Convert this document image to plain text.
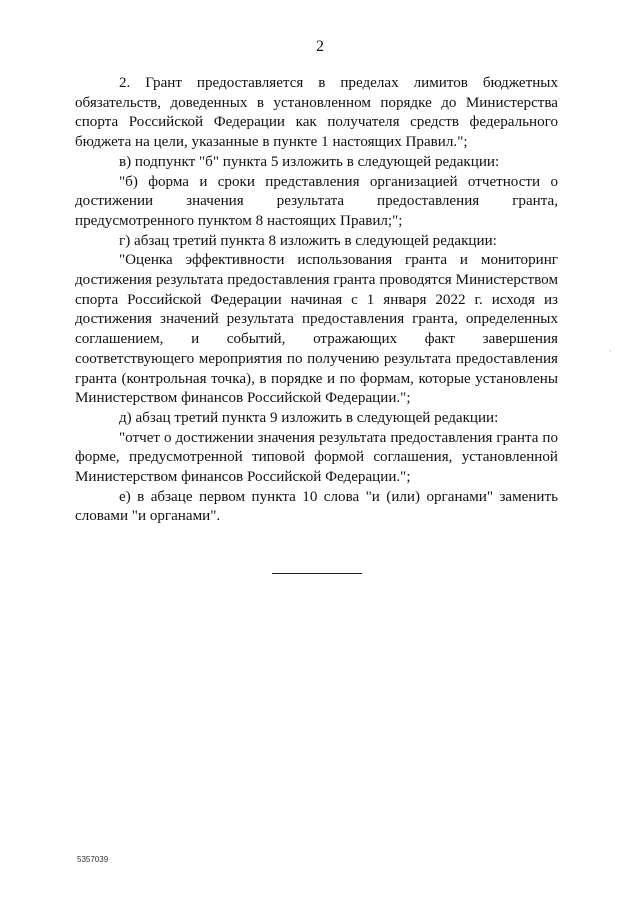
2

2. Грант предоставляется в пределах лимитов бюджетных обязательств, доведенных в установленном порядке до Министерства спорта Российской Федерации как получателя средств федерального бюджета на цели, указанные в пункте 1 настоящих Правил.";

в) подпункт "б" пункта 5 изложить в следующей редакции:

"б) форма и сроки представления организацией отчетности о достижении значения результата предоставления гранта, предусмотренного пунктом 8 настоящих Правил;";

г) абзац третий пункта 8 изложить в следующей редакции:

"Оценка эффективности использования гранта и мониторинг достижения результата предоставления гранта проводятся Министерством спорта Российской Федерации начиная с 1 января 2022 г. исходя из достижения значений результата предоставления гранта, определенных соглашением, и событий, отражающих факт завершения соответствующего мероприятия по получению результата предоставления гранта (контрольная точка), в порядке и по формам, которые установлены Министерством финансов Российской Федерации.";

д) абзац третий пункта 9 изложить в следующей редакции:

"отчет о достижении значения результата предоставления гранта по форме, предусмотренной типовой формой соглашения, установленной Министерством финансов Российской Федерации.";

е) в абзаце первом пункта 10 слова "и (или) органами" заменить словами "и органами".

·
5357039
